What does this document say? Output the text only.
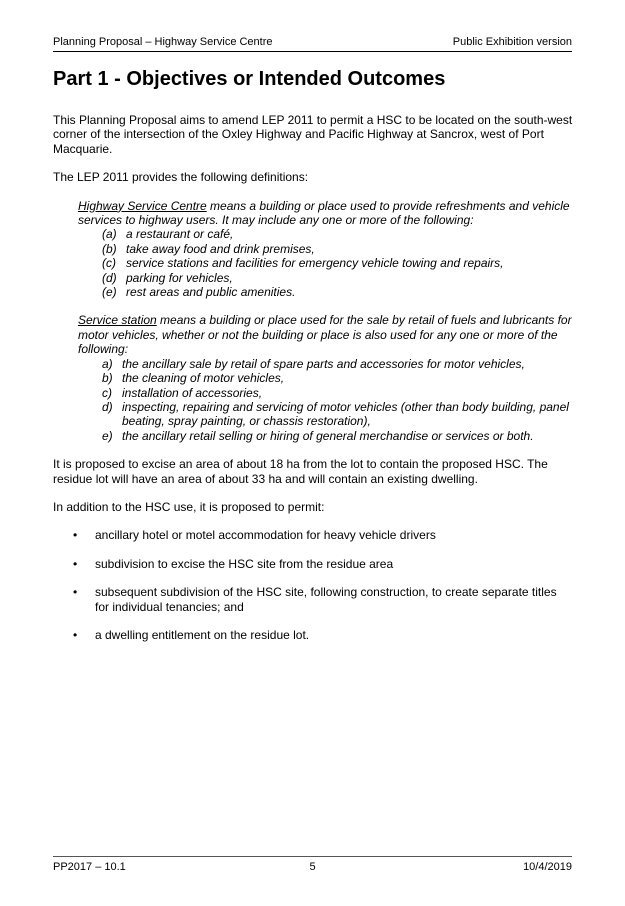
Planning Proposal – Highway Service Centre	Public Exhibition version
Part 1 - Objectives or Intended Outcomes

This Planning Proposal aims to amend LEP 2011 to permit a HSC to be located on the south-west corner of the intersection of the Oxley Highway and Pacific Highway at Sancrox, west of Port Macquarie.

The LEP 2011 provides the following definitions:

Highway Service Centre means a building or place used to provide refreshments and vehicle services to highway users. It may include any one or more of the following:
(a) a restaurant or café,
(b) take away food and drink premises,
(c) service stations and facilities for emergency vehicle towing and repairs,
(d) parking for vehicles,
(e) rest areas and public amenities.
Service station means a building or place used for the sale by retail of fuels and lubricants for motor vehicles, whether or not the building or place is also used for any one or more of the following:
a) the ancillary sale by retail of spare parts and accessories for motor vehicles,
b) the cleaning of motor vehicles,
c) installation of accessories,
d) inspecting, repairing and servicing of motor vehicles (other than body building, panel beating, spray painting, or chassis restoration),
e) the ancillary retail selling or hiring of general merchandise or services or both.

It is proposed to excise an area of about 18 ha from the lot to contain the proposed HSC. The residue lot will have an area of about 33 ha and will contain an existing dwelling.

In addition to the HSC use, it is proposed to permit:

•	ancillary hotel or motel accommodation for heavy vehicle drivers
•	subdivision to excise the HSC site from the residue area
•	subsequent subdivision of the HSC site, following construction, to create separate titles for individual tenancies; and
•	a dwelling entitlement on the residue lot.
PP2017 – 10.1	5	10/4/2019
